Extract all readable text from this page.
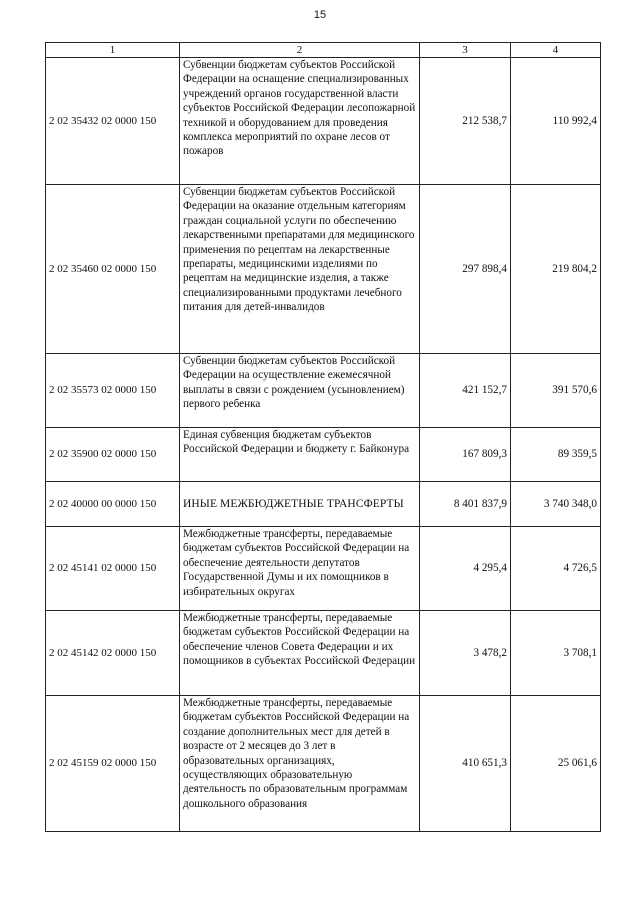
15
1	2	3	4
2 02 35432 02 0000 150	Субвенции бюджетам субъектов Российской Федерации на оснащение специализированных учреждений органов государственной власти субъектов Российской Федерации лесопожарной техникой и оборудованием для проведения комплекса мероприятий по охране лесов от пожаров	212 538,7	110 992,4
2 02 35460 02 0000 150	Субвенции бюджетам субъектов Российской Федерации на оказание отдельным категориям граждан социальной услуги по обеспечению лекарственными препаратами для медицинского применения по рецептам на лекарственные препараты, медицинскими изделиями по рецептам на медицинские изделия, а также специализированными продуктами лечебного питания для детей-инвалидов	297 898,4	219 804,2
2 02 35573 02 0000 150	Субвенции бюджетам субъектов Российской Федерации на осуществление ежемесячной выплаты в связи с рождением (усыновлением) первого ребенка	421 152,7	391 570,6
2 02 35900 02 0000 150	Единая субвенция бюджетам субъектов Российской Федерации и бюджету г. Байконура	167 809,3	89 359,5
2 02 40000 00 0000 150	ИНЫЕ МЕЖБЮДЖЕТНЫЕ ТРАНСФЕРТЫ	8 401 837,9	3 740 348,0
2 02 45141 02 0000 150	Межбюджетные трансферты, передаваемые бюджетам субъектов Российской Федерации на обеспечение деятельности депутатов Государственной Думы и их помощников в избирательных округах	4 295,4	4 726,5
2 02 45142 02 0000 150	Межбюджетные трансферты, передаваемые бюджетам субъектов Российской Федерации на обеспечение членов Совета Федерации и их помощников в субъектах Российской Федерации	3 478,2	3 708,1
2 02 45159 02 0000 150	Межбюджетные трансферты, передаваемые бюджетам субъектов Российской Федерации на создание дополнительных мест для детей в возрасте от 2 месяцев до 3 лет в образовательных организациях, осуществляющих образовательную деятельность по образовательным программам дошкольного образования	410 651,3	25 061,6
